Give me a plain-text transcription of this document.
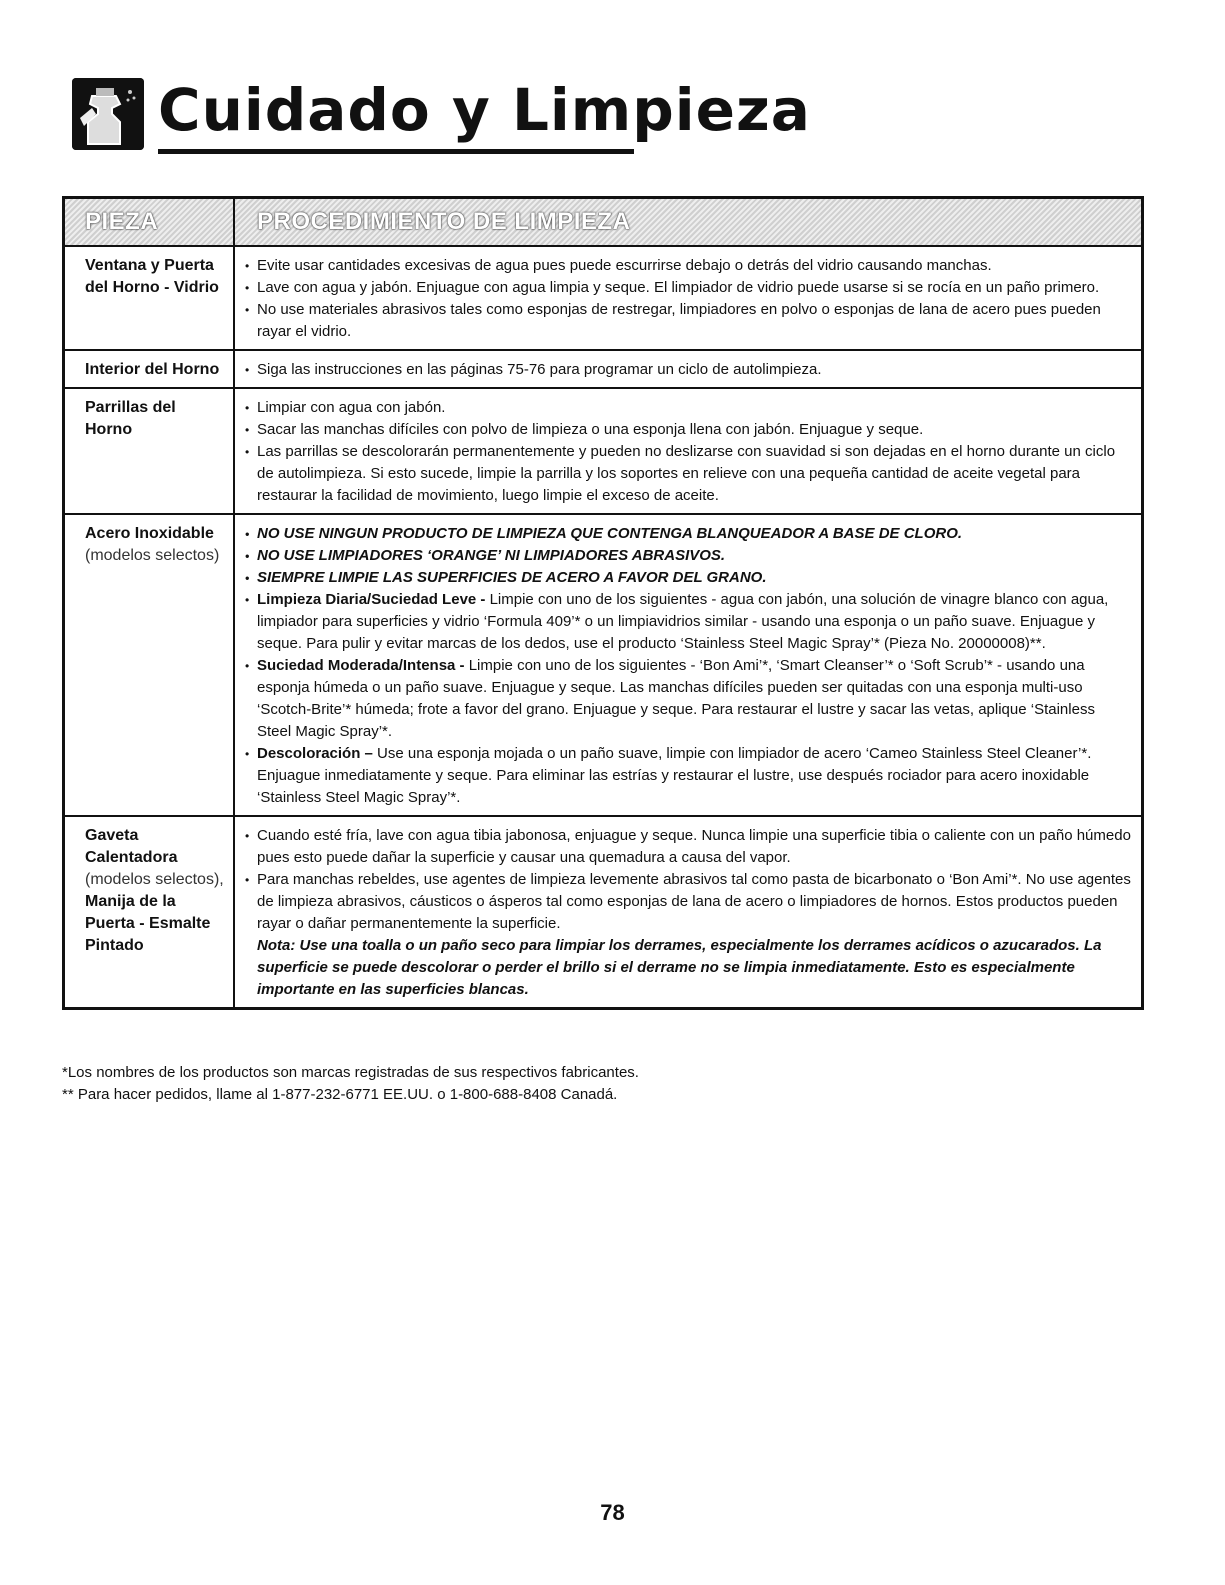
Cuidado y Limpieza
PIEZA	PROCEDIMIENTO DE LIMPIEZA
Ventana y Puerta del Horno - Vidrio
• Evite usar cantidades excesivas de agua pues puede escurrirse debajo o detrás del vidrio causando manchas.
• Lave con agua y jabón. Enjuague con agua limpia y seque. El limpiador de vidrio puede usarse si se rocía en un paño primero.
• No use materiales abrasivos tales como esponjas de restregar, limpiadores en polvo o esponjas de lana de acero pues pueden rayar el vidrio.
Interior del Horno
•	Siga las instrucciones en las páginas 75-76 para programar un ciclo de autolimpieza.
Parrillas del Horno
• Limpiar con agua con jabón.
• Sacar las manchas difíciles con polvo de limpieza o una esponja llena con jabón. Enjuague y seque.
• Las parrillas se descolorarán permanentemente y pueden no deslizarse con suavidad si son dejadas en el horno durante un ciclo de autolimpieza. Si esto sucede, limpie la parrilla y los soportes en relieve con una pequeña cantidad de aceite vegetal para restaurar la facilidad de movimiento, luego limpie el exceso de aceite.
Acero Inoxidable
(modelos selectos)
• NO USE NINGUN PRODUCTO DE LIMPIEZA QUE CONTENGA BLANQUEADOR A BASE DE CLORO.
• NO USE LIMPIADORES ‘ORANGE’ NI LIMPIADORES ABRASIVOS.
• SIEMPRE LIMPIE LAS SUPERFICIES DE ACERO A FAVOR DEL GRANO.
• Limpieza Diaria/Suciedad Leve - Limpie con uno de los siguientes - agua con jabón, una solución de vinagre blanco con agua, limpiador para superficies y vidrio ‘Formula 409’* o un limpiavidrios similar - usando una esponja o un paño suave. Enjuague y seque. Para pulir y evitar marcas de los dedos, use el producto ‘Stainless Steel Magic Spray’* (Pieza No. 20000008)**.
• Suciedad Moderada/Intensa - Limpie con uno de los siguientes - ‘Bon Ami’*, ‘Smart Cleanser’* o ‘Soft Scrub’* - usando una esponja húmeda o un paño suave. Enjuague y seque. Las manchas difíciles pueden ser quitadas con una esponja multi-uso ‘Scotch-Brite’* húmeda; frote a favor del grano. Enjuague y seque. Para restaurar el lustre y sacar las vetas, aplique ‘Stainless Steel Magic Spray’*.
• Descoloración – Use una esponja mojada o un paño suave, limpie con limpiador de acero ‘Cameo Stainless Steel Cleaner’*. Enjuague inmediatamente y seque. Para eliminar las estrías y restaurar el lustre, use después rociador para acero inoxidable ‘Stainless Steel Magic Spray’*.
Gaveta Calentadora
(modelos selectos),
Manija de la Puerta - Esmalte Pintado
• Cuando esté fría, lave con agua tibia jabonosa, enjuague y seque. Nunca limpie una superficie tibia o caliente con un paño húmedo pues esto puede dañar la superficie y causar una quemadura a causa del vapor.
• Para manchas rebeldes, use agentes de limpieza levemente abrasivos tal como pasta de bicarbonato o ‘Bon Ami’*. No use agentes de limpieza abrasivos, cáusticos o ásperos tal como esponjas de lana de acero o limpiadores de hornos. Estos productos pueden rayar o dañar permanentemente la superficie.
Nota: Use una toalla o un paño seco para limpiar los derrames, especialmente los derrames acídicos o azucarados. La superficie se puede descolorar o perder el brillo si el derrame no se limpia inmediatamente. Esto es especialmente importante en las superficies blancas.
*Los nombres de los productos son marcas registradas de sus respectivos fabricantes.
** Para hacer pedidos, llame al 1-877-232-6771 EE.UU. o 1-800-688-8408 Canadá.
78
